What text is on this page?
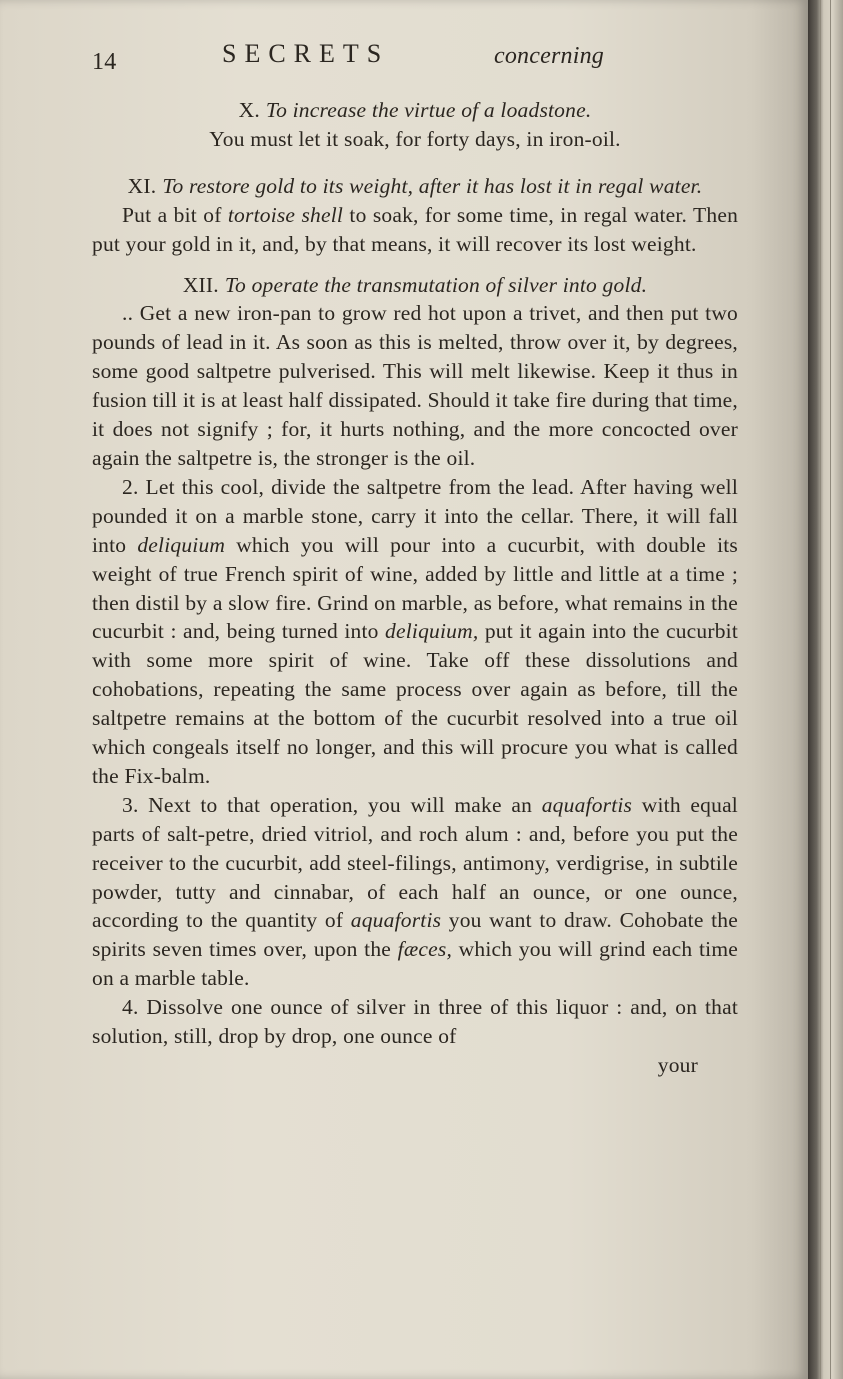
14	SECRETS	concerning

X. To increase the virtue of a loadstone.

You must let it soak, for forty days, in iron-oil.

XI. To restore gold to its weight, after it has lost it in regal water.

Put a bit of tortoise shell to soak, for some time, in regal water. Then put your gold in it, and, by that means, it will recover its lost weight.

XII. To operate the transmutation of silver into gold.

.. Get a new iron-pan to grow red hot upon a trivet, and then put two pounds of lead in it. As soon as this is melted, throw over it, by degrees, some good saltpetre pulverised. This will melt likewise. Keep it thus in fusion till it is at least half dissipated. Should it take fire during that time, it does not signify ; for, it hurts nothing, and the more concocted over again the saltpetre is, the stronger is the oil.

2. Let this cool, divide the saltpetre from the lead. After having well pounded it on a marble stone, carry it into the cellar. There, it will fall into deliquium which you will pour into a cucurbit, with double its weight of true French spirit of wine, added by little and little at a time ; then distil by a slow fire. Grind on marble, as before, what remains in the cucurbit : and, being turned into deliquium, put it again into the cucurbit with some more spirit of wine. Take off these dissolutions and cohobations, repeating the same process over again as before, till the saltpetre remains at the bottom of the cucurbit resolved into a true oil which congeals itself no longer, and this will procure you what is called the Fix-balm.

3. Next to that operation, you will make an aquafortis with equal parts of salt-petre, dried vitriol, and roch alum : and, before you put the receiver to the cucurbit, add steel-filings, antimony, verdigrise, in subtile powder, tutty and cinnabar, of each half an ounce, or one ounce, according to the quantity of aquafortis you want to draw. Cohobate the spirits seven times over, upon the fæces, which you will grind each time on a marble table.

4. Dissolve one ounce of silver in three of this liquor : and, on that solution, still, drop by drop, one ounce of

your
